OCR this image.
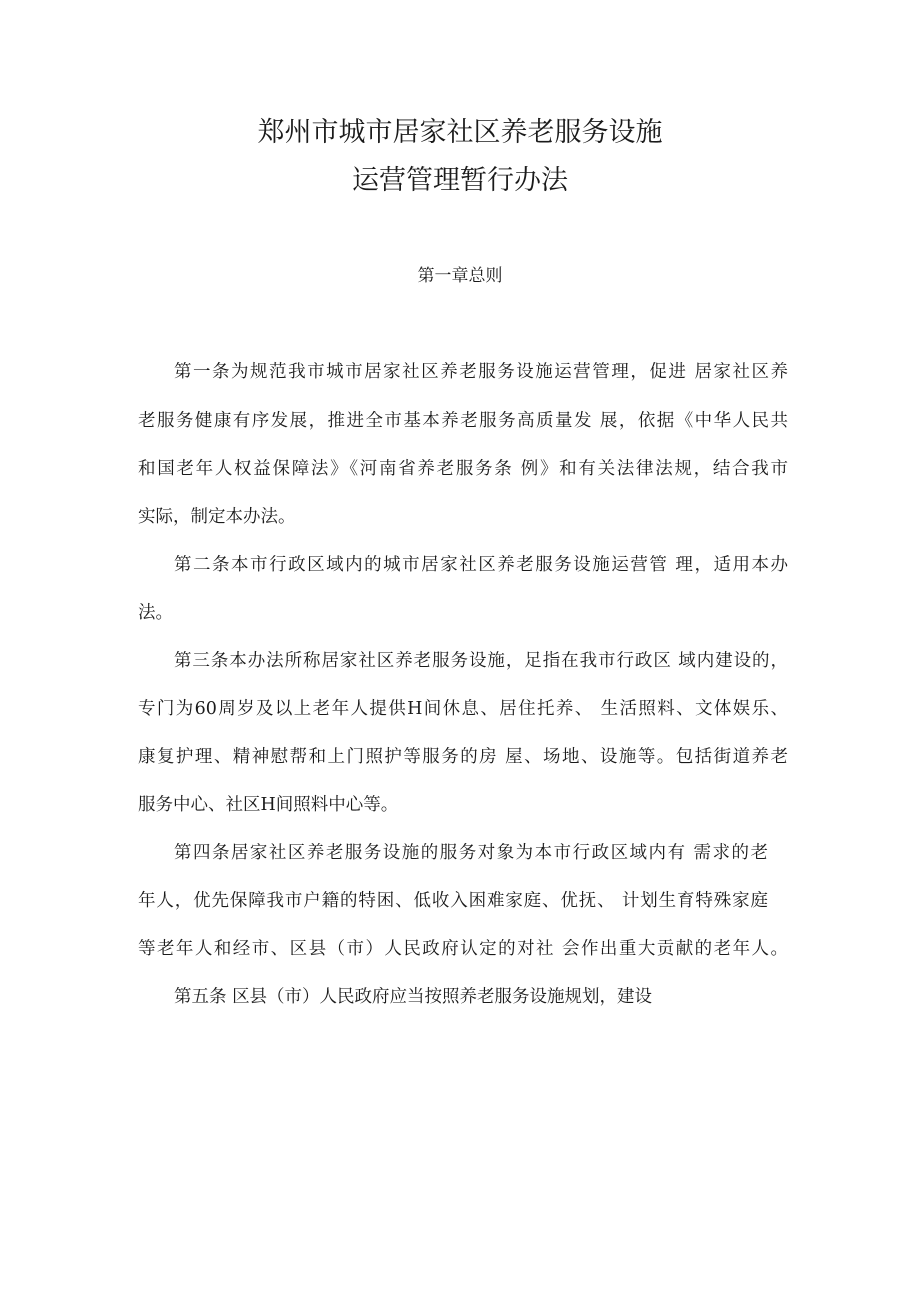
郑州市城市居家社区养老服务设施
运营管理暂行办法
第一章总则
第一条为规范我市城市居家社区养老服务设施运营管理，促进 居家社区养
老服务健康有序发展，推进全市基本养老服务高质量发 展，依据《中华人民共
和国老年人权益保障法》《河南省养老服务条 例》和有关法律法规，结合我市
实际，制定本办法。
第二条本市行政区域内的城市居家社区养老服务设施运营管 理，适用本办
法。
第三条本办法所称居家社区养老服务设施，足指在我市行政区 域内建设的，
专门为60周岁及以上老年人提供H间休息、居住托养、 生活照料、文体娱乐、
康复护理、精神慰帮和上门照护等服务的房 屋、场地、设施等。包括街道养老
服务中心、社区H间照料中心等。
第四条居家社区养老服务设施的服务对象为本市行政区域内有 需求的老
年人，优先保障我市户籍的特困、低收入困难家庭、优抚、 计划生育特殊家庭
等老年人和经市、区县（市）人民政府认定的对社 会作出重大贡献的老年人。
第五条 区县（市）人民政府应当按照养老服务设施规划，建设
